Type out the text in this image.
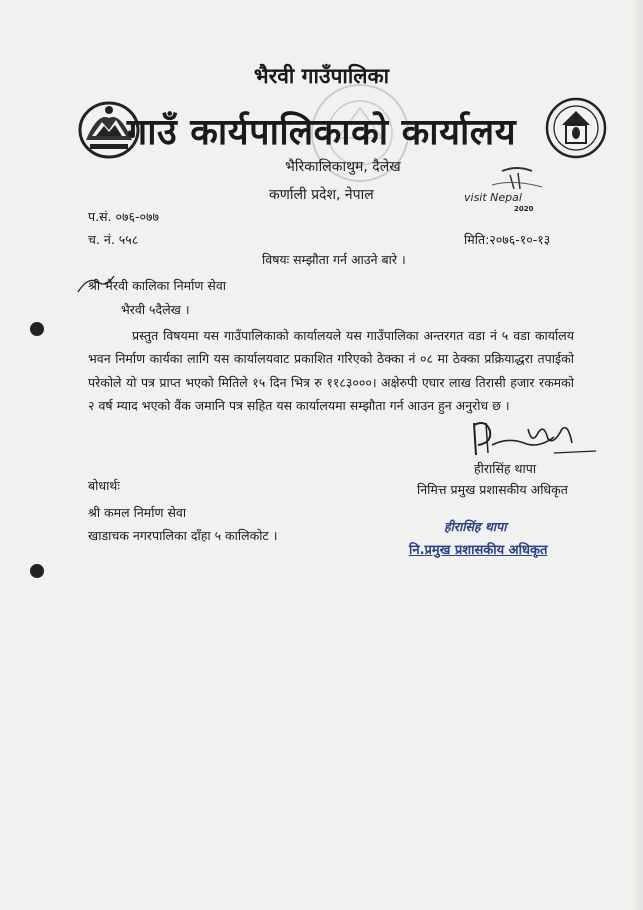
भैरवी गाउँपालिका
गाउँ कार्यपालिकाको कार्यालय
भैरिकालिकाथुम, दैलेख
कर्णाली प्रदेश, नेपाल	visit Nepal
2020
प.सं. ०७६-०७७
च. नं. ५५८	मिति:२०७६-१०-१३
विषयः सम्झौता गर्न आउने बारे ।
श्री भैरवी कालिका निर्माण सेवा
भैरवी ५दैलेख ।
प्रस्तुत विषयमा यस गाउँपालिकाको कार्यालयले यस गाउँपालिका अन्तरगत वडा नं ५ वडा कार्यालय भवन निर्माण कार्यका लागि यस कार्यालयवाट प्रकाशित गरिएको ठेक्का नं ०८ मा ठेक्का प्रक्रियाद्धरा तपाईको परेकोले यो पत्र प्राप्त भएको मितिले १५ दिन भित्र रु ११८३०००। अक्षेरुपी एघार लाख तिरासी हजार रकमको २ वर्ष म्याद भएको वैंक जमानि पत्र सहित यस कार्यालयमा सम्झौता गर्न आउन हुन अनुरोध छ ।
हीरासिंह थापा
निमित्त प्रमुख प्रशासकीय अधिकृत
बोधार्थः
श्री कमल निर्माण सेवा
खाडाचक नगरपालिका दाँहा ५ कालिकोट ।
हीरासिंह थापा
नि.प्रमुख प्रशासकीय अधिकृत
